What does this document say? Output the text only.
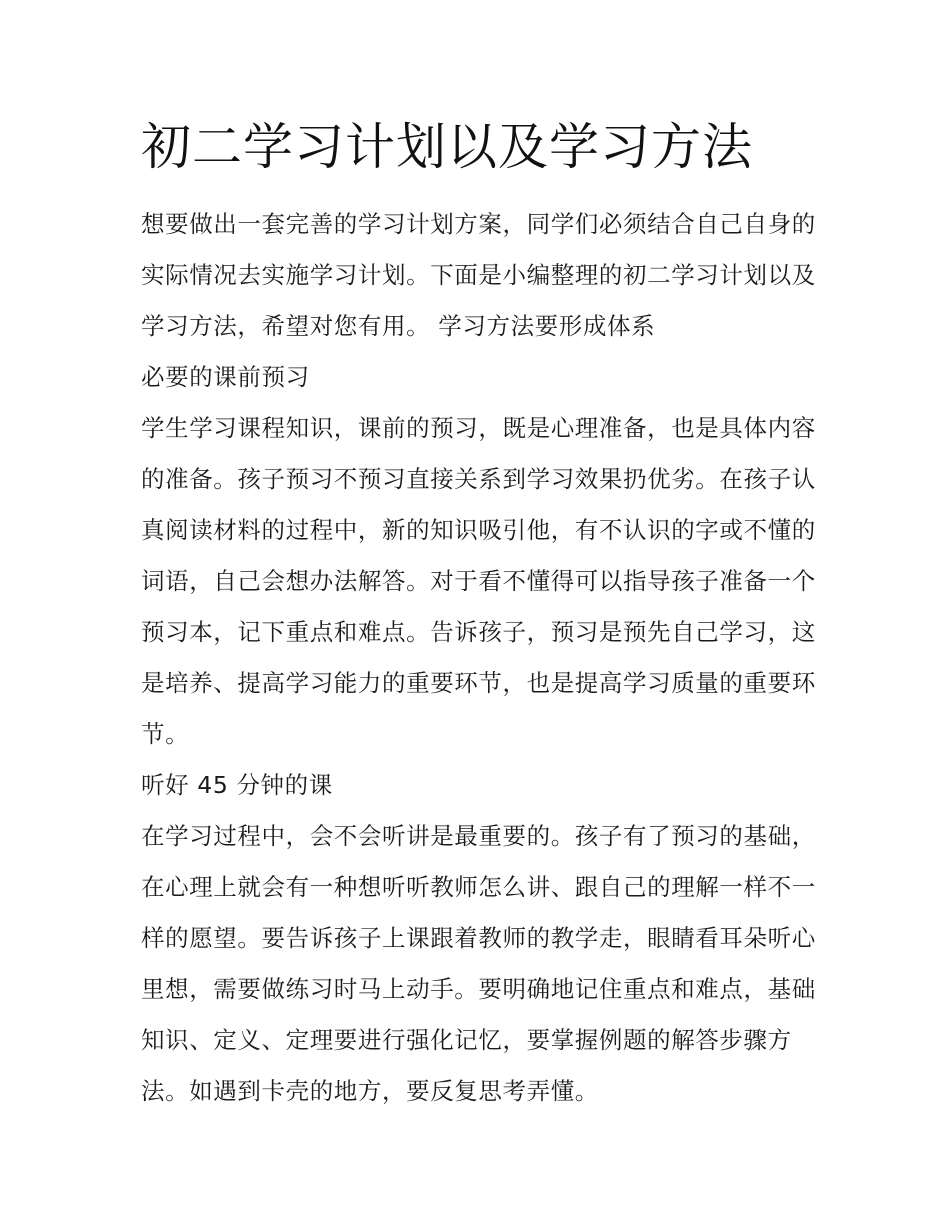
初二学习计划以及学习方法

想要做出一套完善的学习计划方案，同学们必须结合自己自身的实际情况去实施学习计划。下面是小编整理的初二学习计划以及学习方法，希望对您有用。 学习方法要形成体系

必要的课前预习

学生学习课程知识，课前的预习，既是心理准备，也是具体内容的准备。孩子预习不预习直接关系到学习效果扔优劣。在孩子认真阅读材料的过程中，新的知识吸引他，有不认识的字或不懂的词语，自己会想办法解答。对于看不懂得可以指导孩子准备一个预习本，记下重点和难点。告诉孩子，预习是预先自己学习，这是培养、提高学习能力的重要环节，也是提高学习质量的重要环节。

听好 45 分钟的课

在学习过程中，会不会听讲是最重要的。孩子有了预习的基础，在心理上就会有一种想听听教师怎么讲、跟自己的理解一样不一样的愿望。要告诉孩子上课跟着教师的教学走，眼睛看耳朵听心里想，需要做练习时马上动手。要明确地记住重点和难点，基础知识、定义、定理要进行强化记忆，要掌握例题的解答步骤方法。如遇到卡壳的地方，要反复思考弄懂。
